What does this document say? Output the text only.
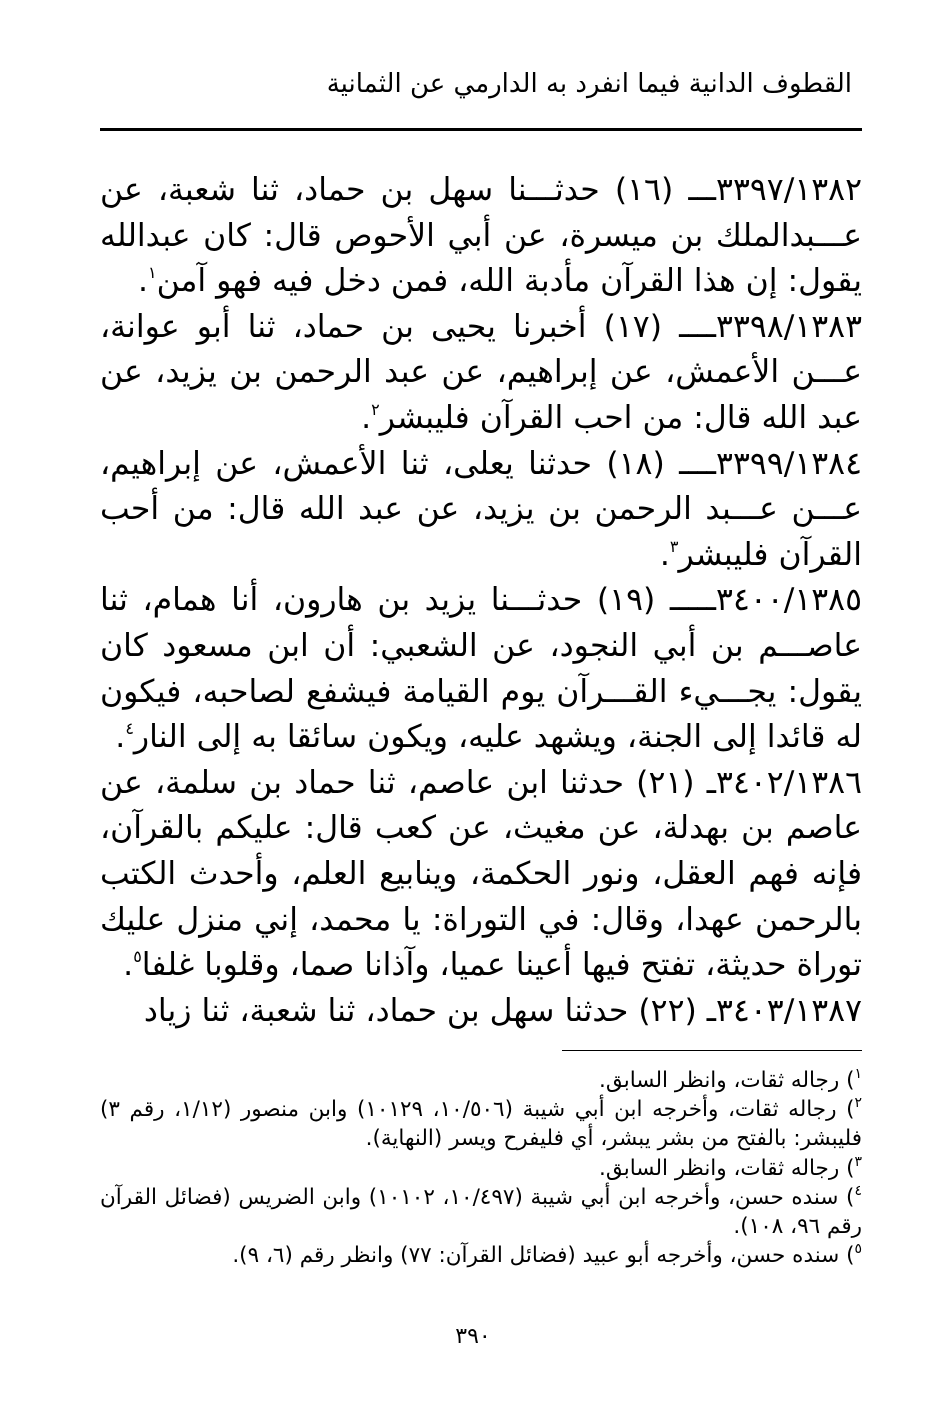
القطوف الدانية فيما انفرد به الدارمي عن الثمانية

٣٣٩٧/١٣٨٢ـــ (١٦) حدثـــنا سهل بن حماد، ثنا شعبة، عن عـــبدالملك بن ميسرة، عن أبي الأحوص قال: كان عبدالله يقول: إن هذا القرآن مأدبة الله، فمن دخل فيه فهو آمن$^١$.

٣٣٩٨/١٣٨٣ــــ (١٧) أخبرنا يحيى بن حماد، ثنا أبو عوانة، عـــن الأعمش، عن إبراهيم، عن عبد الرحمن بن يزيد، عن عبد الله قال: من احب القرآن فليبشر$^٢$.

٣٣٩٩/١٣٨٤ــــ (١٨) حدثنا يعلى، ثنا الأعمش، عن إبراهيم، عـــن عـــبد الرحمن بن يزيد، عن عبد الله قال: من أحب القرآن فليبشر$^٣$.

٣٤٠٠/١٣٨٥ـــــ (١٩) حدثـــنا يزيد بن هارون، أنا همام، ثنا عاصـــم بن أبي النجود، عن الشعبي: أن ابن مسعود كان يقول: يجـــيء القـــرآن يوم القيامة فيشفع لصاحبه، فيكون له قائدا إلى الجنة، ويشهد عليه، ويكون سائقا به إلى النار$^٤$.

٣٤٠٢/١٣٨٦ـ (٢١) حدثنا ابن عاصم، ثنا حماد بن سلمة، عن عاصم بن بهدلة، عن مغيث، عن كعب قال: عليكم بالقرآن، فإنه فهم العقل، ونور الحكمة، وينابيع العلم، وأحدث الكتب بالرحمن عهدا، وقال: في التوراة: يا محمد، إني منزل عليك توراة حديثة، تفتح فيها أعينا عميا، وآذانا صما، وقلوبا غلفا$^٥$.

٣٤٠٣/١٣٨٧ـ (٢٢) حدثنا سهل بن حماد، ثنا شعبة، ثنا زياد

$^١$) رجاله ثقات، وانظر السابق.

$^٢$) رجاله ثقات، وأخرجه ابن أبي شيبة (١٠/٥٠٦، ١٠١٢٩) وابن منصور (١/١٢، رقم ٣) فليبشر: بالفتح من بشر يبشر، أي فليفرح ويسر (النهاية).

$^٣$) رجاله ثقات، وانظر السابق.

$^٤$) سنده حسن، وأخرجه ابن أبي شيبة (١٠/٤٩٧، ١٠١٠٢) وابن الضريس (فضائل القرآن رقم ٩٦، ١٠٨).

$^٥$) سنده حسن، وأخرجه أبو عبيد (فضائل القرآن: ٧٧) وانظر رقم (٦، ٩).

٣٩٠
